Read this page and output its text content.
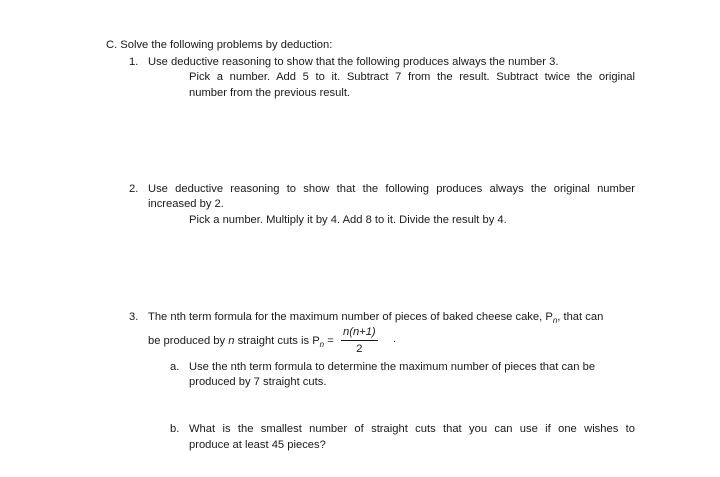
C. Solve the following problems by deduction:
1. Use deductive reasoning to show that the following produces always the number 3.
Pick a number. Add 5 to it. Subtract 7 from the result. Subtract twice the original
number from the previous result.
2. Use deductive reasoning to show that the following produces always the original number
increased by 2.
Pick a number. Multiply it by 4. Add 8 to it. Divide the result by 4.
3. The nth term formula for the maximum number of pieces of baked cheese cake, $P_n$, that can
be produced by n straight cuts is $P_n = \frac{n(n+1)}{2}$ .
a. Use the nth term formula to determine the maximum number of pieces that can be
produced by 7 straight cuts.
b. What is the smallest number of straight cuts that you can use if one wishes to
produce at least 45 pieces?
